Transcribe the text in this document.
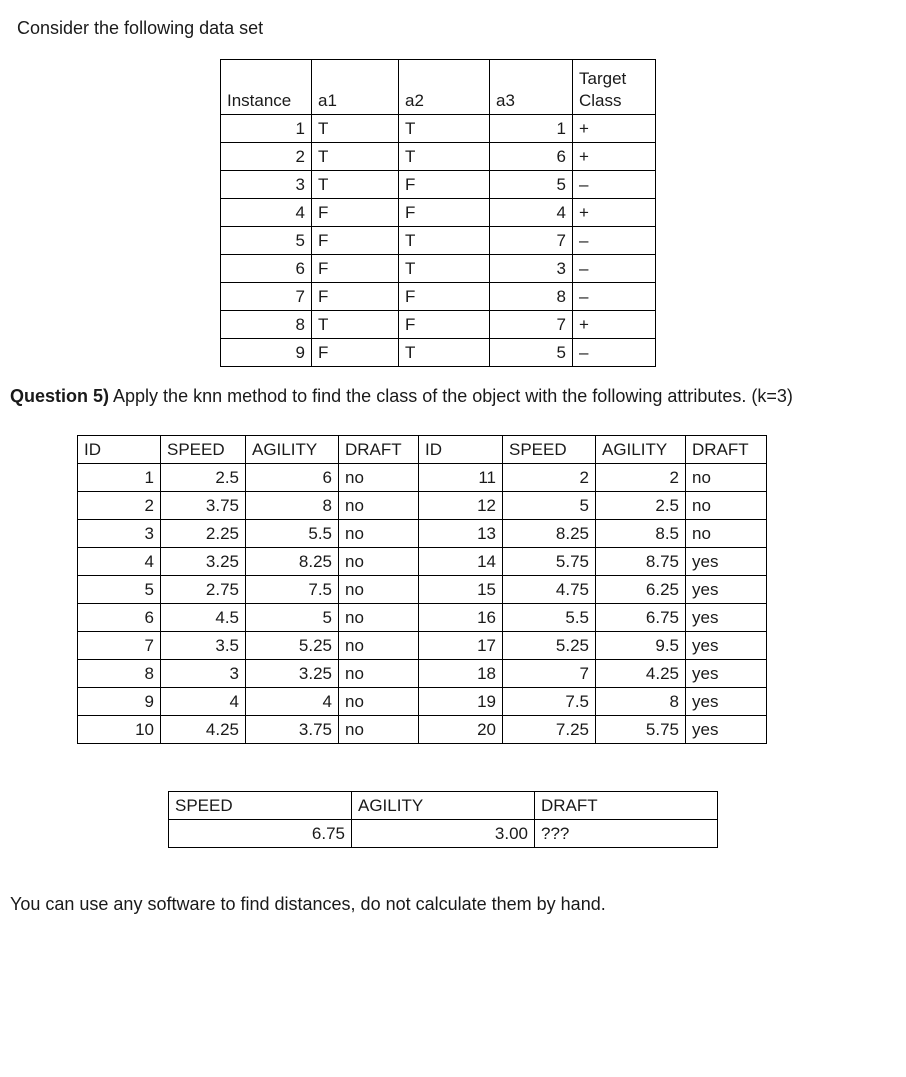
Consider the following data set
Instance	a1	a2	a3	Target
Class
1	T	T	1	+
2	T	T	6	+
3	T	F	5	–
4	F	F	4	+
5	F	T	7	–
6	F	T	3	–
7	F	F	8	–
8	T	F	7	+
9	F	T	5	–
Question 5) Apply the knn method to find the class of the object with the following attributes. (k=3)
ID	SPEED	AGILITY	DRAFT	ID	SPEED	AGILITY	DRAFT
1	2.5	6	no	11	2	2	no
2	3.75	8	no	12	5	2.5	no
3	2.25	5.5	no	13	8.25	8.5	no
4	3.25	8.25	no	14	5.75	8.75	yes
5	2.75	7.5	no	15	4.75	6.25	yes
6	4.5	5	no	16	5.5	6.75	yes
7	3.5	5.25	no	17	5.25	9.5	yes
8	3	3.25	no	18	7	4.25	yes
9	4	4	no	19	7.5	8	yes
10	4.25	3.75	no	20	7.25	5.75	yes
SPEED	AGILITY	DRAFT
6.75	3.00	???
You can use any software to find distances, do not calculate them by hand.
